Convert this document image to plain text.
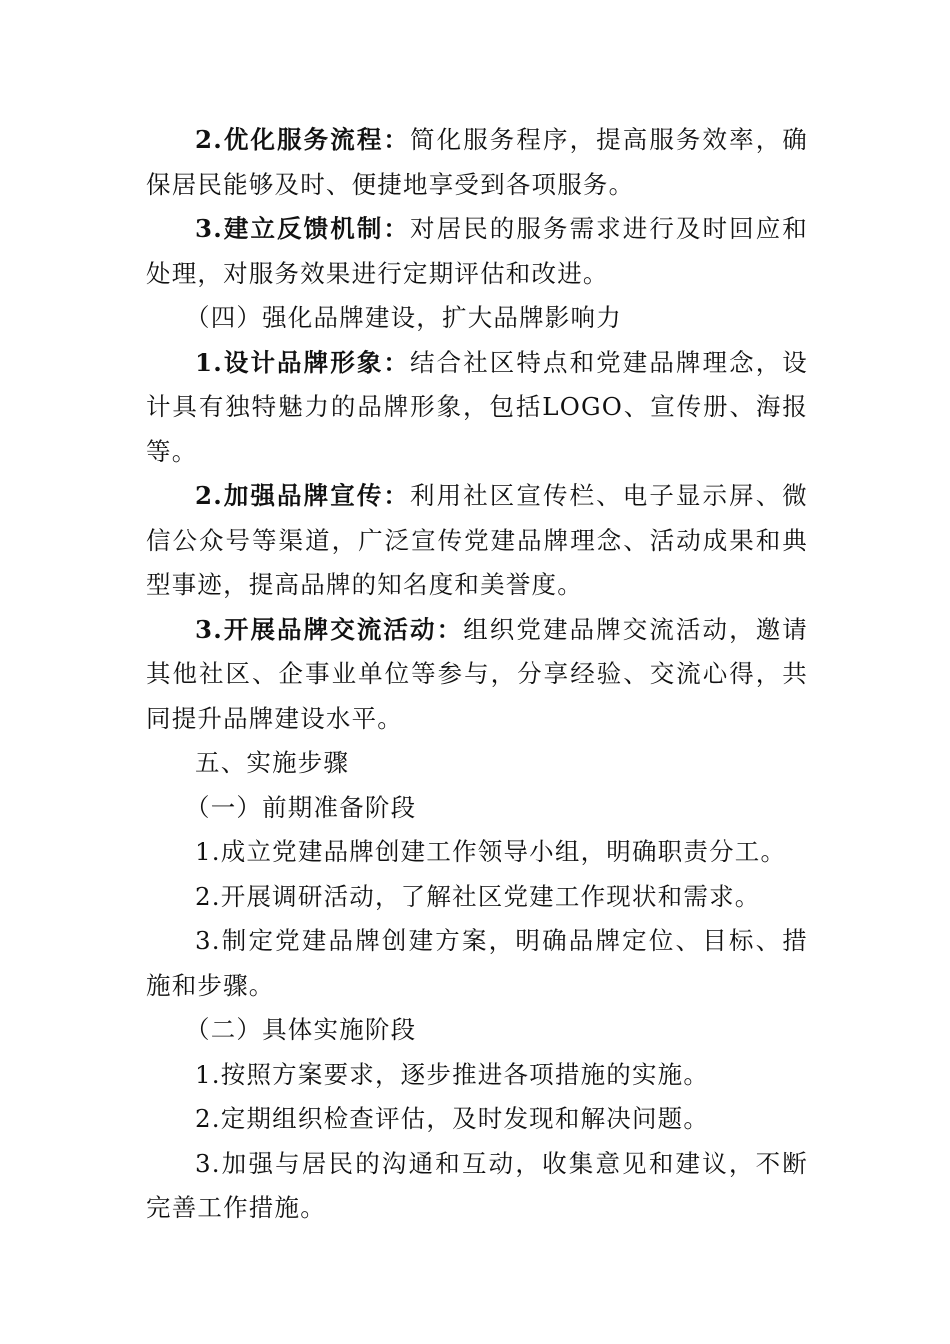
2.优化服务流程：简化服务程序，提高服务效率，确保居民能够及时、便捷地享受到各项服务。

3.建立反馈机制：对居民的服务需求进行及时回应和处理，对服务效果进行定期评估和改进。

（四）强化品牌建设，扩大品牌影响力

1.设计品牌形象：结合社区特点和党建品牌理念，设计具有独特魅力的品牌形象，包括LOGO、宣传册、海报等。

2.加强品牌宣传：利用社区宣传栏、电子显示屏、微信公众号等渠道，广泛宣传党建品牌理念、活动成果和典型事迹，提高品牌的知名度和美誉度。

3.开展品牌交流活动：组织党建品牌交流活动，邀请其他社区、企事业单位等参与，分享经验、交流心得，共同提升品牌建设水平。

五、实施步骤

（一）前期准备阶段

1.成立党建品牌创建工作领导小组，明确职责分工。

2.开展调研活动，了解社区党建工作现状和需求。

3.制定党建品牌创建方案，明确品牌定位、目标、措施和步骤。

（二）具体实施阶段

1.按照方案要求，逐步推进各项措施的实施。

2.定期组织检查评估，及时发现和解决问题。

3.加强与居民的沟通和互动，收集意见和建议，不断完善工作措施。
